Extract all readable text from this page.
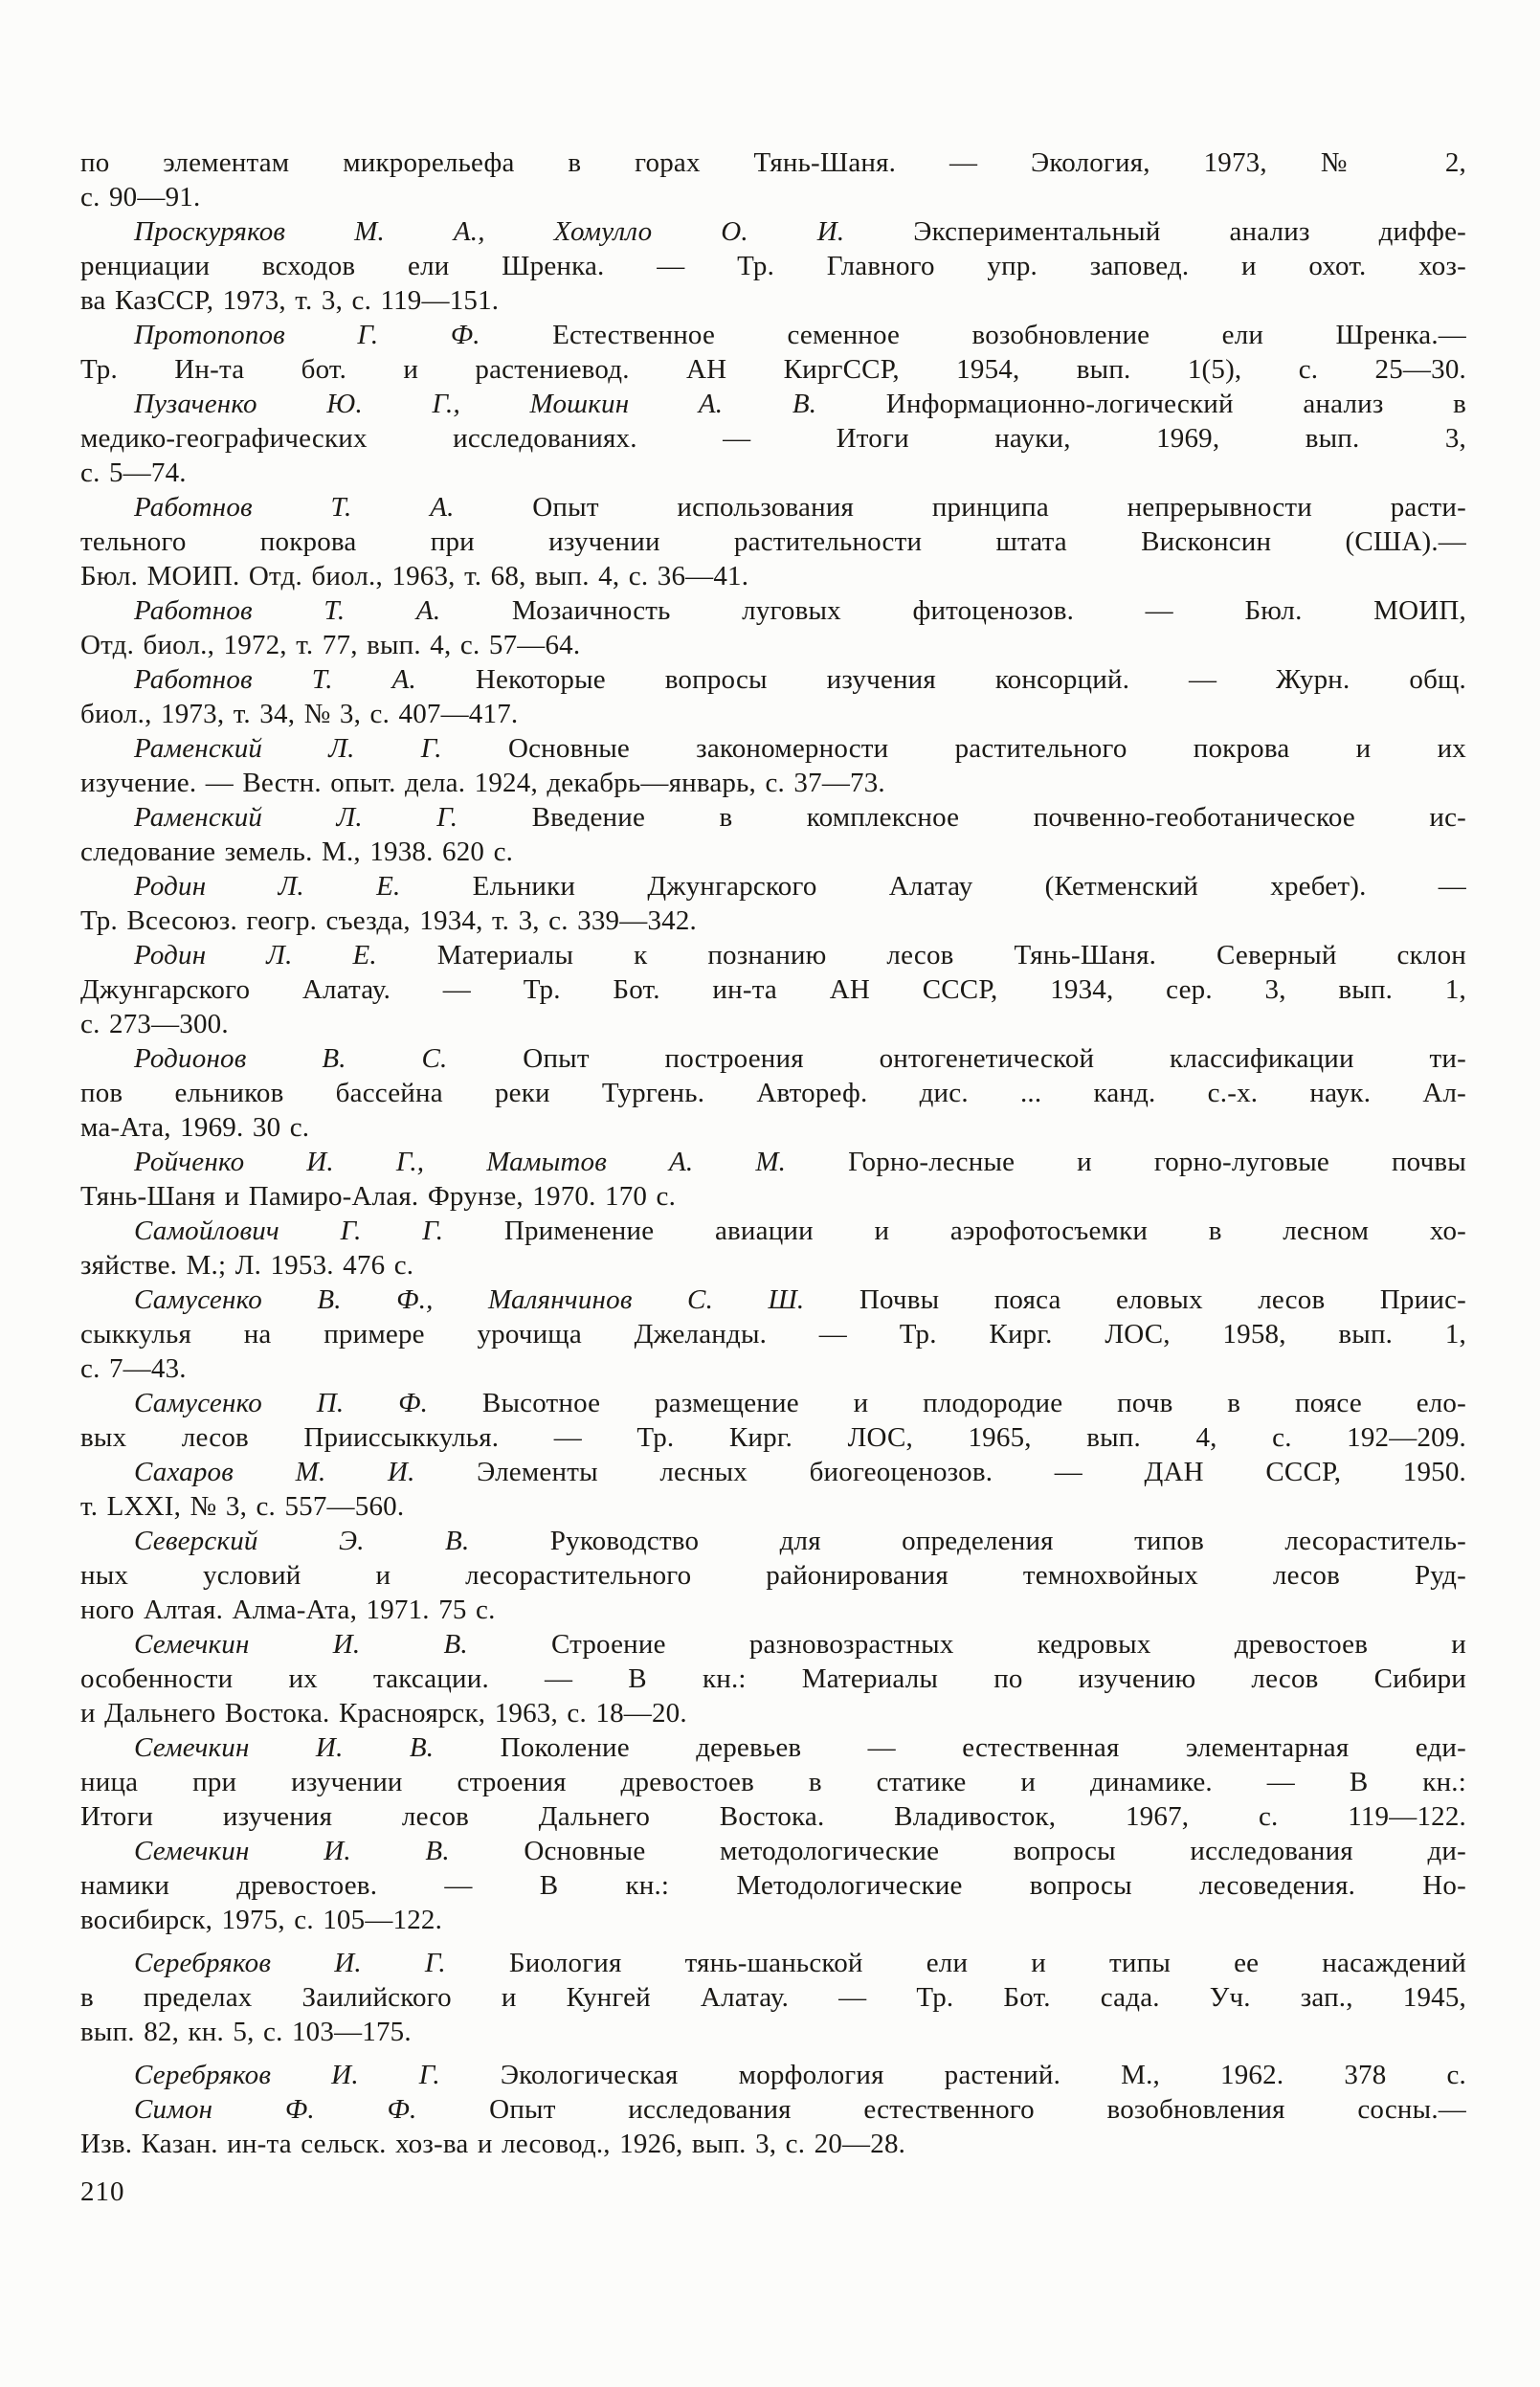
по элементам микрорельефа в горах Тянь-Шаня. — Экология, 1973, № 2,
с. 90—91.
Проскуряков М. А., Хомулло О. И. Экспериментальный анализ диффе-
ренциации всходов ели Шренка. — Тр. Главного упр. заповед. и охот. хоз-
ва КазССР, 1973, т. 3, с. 119—151.
Протопопов Г. Ф. Естественное семенное возобновление ели Шренка.—
Тр. Ин-та бот. и растениевод. АН КиргССР, 1954, вып. 1(5), с. 25—30.
Пузаченко Ю. Г., Мошкин А. В. Информационно-логический анализ в
медико-географических исследованиях. — Итоги науки, 1969, вып. 3,
с. 5—74.
Работнов Т. А. Опыт использования принципа непрерывности расти-
тельного покрова при изучении растительности штата Висконсин (США).—
Бюл. МОИП. Отд. биол., 1963, т. 68, вып. 4, с. 36—41.
Работнов Т. А. Мозаичность луговых фитоценозов. — Бюл. МОИП,
Отд. биол., 1972, т. 77, вып. 4, с. 57—64.
Работнов Т. А. Некоторые вопросы изучения консорций. — Журн. общ.
биол., 1973, т. 34, № 3, с. 407—417.
Раменский Л. Г. Основные закономерности растительного покрова и их
изучение. — Вестн. опыт. дела. 1924, декабрь—январь, с. 37—73.
Раменский Л. Г. Введение в комплексное почвенно-геоботаническое ис-
следование земель. М., 1938. 620 с.
Родин Л. Е. Ельники Джунгарского Алатау (Кетменский хребет). —
Тр. Всесоюз. геогр. съезда, 1934, т. 3, с. 339—342.
Родин Л. Е. Материалы к познанию лесов Тянь-Шаня. Северный склон
Джунгарского Алатау. — Тр. Бот. ин-та АН СССР, 1934, сер. 3, вып. 1,
с. 273—300.
Родионов В. С. Опыт построения онтогенетической классификации ти-
пов ельников бассейна реки Тургень. Автореф. дис. ... канд. с.-х. наук. Ал-
ма-Ата, 1969. 30 с.
Ройченко И. Г., Мамытов А. М. Горно-лесные и горно-луговые почвы
Тянь-Шаня и Памиро-Алая. Фрунзе, 1970. 170 с.
Самойлович Г. Г. Применение авиации и аэрофотосъемки в лесном хо-
зяйстве. М.; Л. 1953. 476 с.
Самусенко В. Ф., Малянчинов С. Ш. Почвы пояса еловых лесов Приис-
сыккулья на примере урочища Джеланды. — Тр. Кирг. ЛОС, 1958, вып. 1,
с. 7—43.
Самусенко П. Ф. Высотное размещение и плодородие почв в поясе ело-
вых лесов Прииссыккулья. — Тр. Кирг. ЛОС, 1965, вып. 4, с. 192—209.
Сахаров М. И. Элементы лесных биогеоценозов. — ДАН СССР, 1950.
т. LXXI, № 3, с. 557—560.
Северский Э. В. Руководство для определения типов лесораститель-
ных условий и лесорастительного районирования темнохвойных лесов Руд-
ного Алтая. Алма-Ата, 1971. 75 с.
Семечкин И. В. Строение разновозрастных кедровых древостоев и
особенности их таксации. — В кн.: Материалы по изучению лесов Сибири
и Дальнего Востока. Красноярск, 1963, с. 18—20.
Семечкин И. В. Поколение деревьев — естественная элементарная еди-
ница при изучении строения древостоев в статике и динамике. — В кн.:
Итоги изучения лесов Дальнего Востока. Владивосток, 1967, с. 119—122.
Семечкин И. В. Основные методологические вопросы исследования ди-
намики древостоев. — В кн.: Методологические вопросы лесоведения. Но-
восибирск, 1975, с. 105—122.
Серебряков И. Г. Биология тянь-шаньской ели и типы ее насаждений
в пределах Заилийского и Кунгей Алатау. — Тр. Бот. сада. Уч. зап., 1945,
вып. 82, кн. 5, с. 103—175.
Серебряков И. Г. Экологическая морфология растений. М., 1962. 378 с.
Симон Ф. Ф. Опыт исследования естественного возобновления сосны.—
Изв. Казан. ин-та сельск. хоз-ва и лесовод., 1926, вып. 3, с. 20—28.
210
